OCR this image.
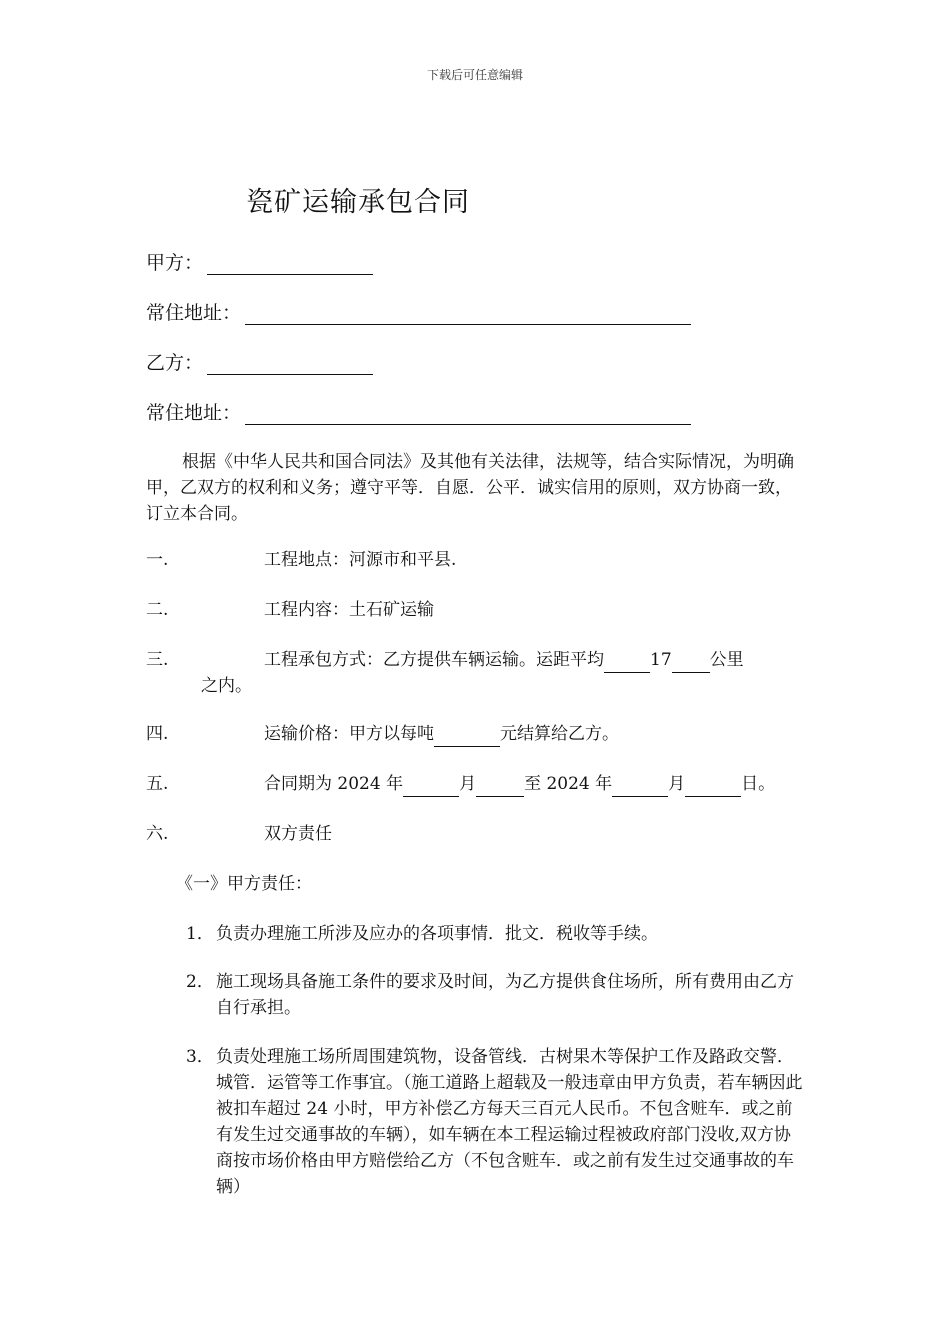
下载后可任意编辑
瓷矿运输承包合同
甲方：
常住地址：
乙方：
常住地址：
根据《中华人民共和国合同法》及其他有关法律，法规等，结合实际情况，为明确甲，乙双方的权利和义务；遵守平等．自愿．公平．诚实信用的原则，双方协商一致，订立本合同。
一.	工程地点：河源市和平县.
二.	工程内容：土石矿运输
三.	工程承包方式：乙方提供车辆运输。运距平均	17 公里
之内。
四.	运输价格：甲方以每吨	元结算给乙方。
五.	合同期为 2024 年	月	至 2024 年	月	日。
六.	双方责任
《一》甲方责任：
1． 负责办理施工所涉及应办的各项事情．批文．税收等手续。
2． 施工现场具备施工条件的要求及时间，为乙方提供食住场所，所有费用由乙方自行承担。
3． 负责处理施工场所周围建筑物，设备管线．古树果木等保护工作及路政交警．城管．运管等工作事宜。（施工道路上超载及一般违章由甲方负责，若车辆因此被扣车超过 24 小时，甲方补偿乙方每天三百元人民币。不包含赃车．或之前有发生过交通事故的车辆），如车辆在本工程运输过程被政府部门没收,双方协商按市场价格由甲方赔偿给乙方（不包含赃车．或之前有发生过交通事故的车辆）
